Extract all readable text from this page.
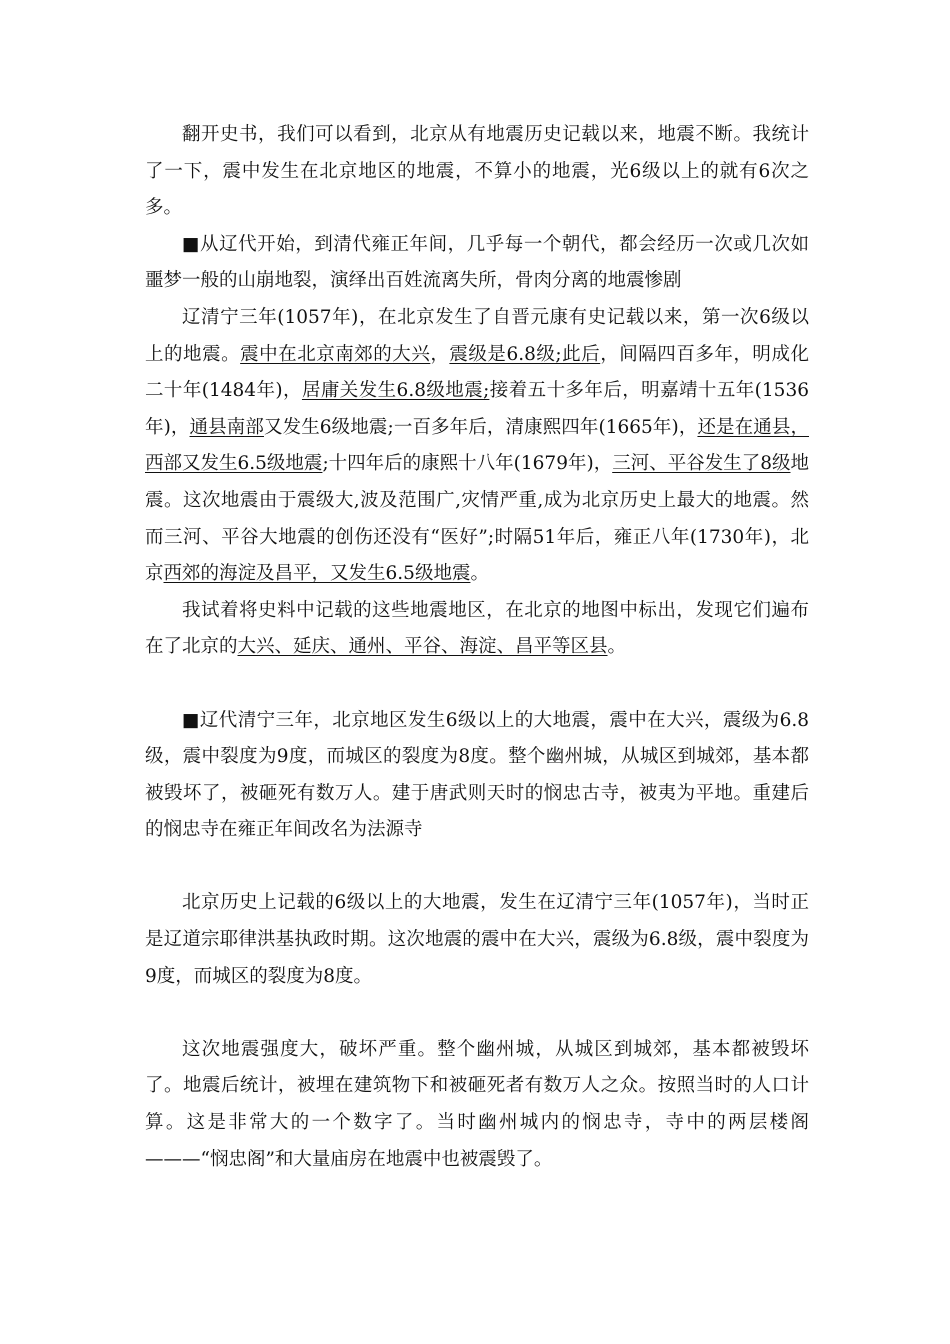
翻开史书，我们可以看到，北京从有地震历史记载以来，地震不断。我统计了一下，震中发生在北京地区的地震，不算小的地震，光6级以上的就有6次之多。

■从辽代开始，到清代雍正年间，几乎每一个朝代，都会经历一次或几次如噩梦一般的山崩地裂，演绎出百姓流离失所，骨肉分离的地震惨剧

辽清宁三年(1057年)，在北京发生了自晋元康有史记载以来，第一次6级以上的地震。震中在北京南郊的大兴，震级是6.8级;此后，间隔四百多年，明成化二十年(1484年)，居庸关发生6.8级地震;接着五十多年后，明嘉靖十五年(1536年)，通县南部又发生6级地震;一百多年后，清康熙四年(1665年)，还是在通县，西部又发生6.5级地震;十四年后的康熙十八年(1679年)，三河、平谷发生了8级地震。这次地震由于震级大,波及范围广,灾情严重,成为北京历史上最大的地震。然而三河、平谷大地震的创伤还没有“医好”;时隔51年后，雍正八年(1730年)，北京西郊的海淀及昌平，又发生6.5级地震。

我试着将史料中记载的这些地震地区，在北京的地图中标出，发现它们遍布在了北京的大兴、延庆、通州、平谷、海淀、昌平等区县。

■辽代清宁三年，北京地区发生6级以上的大地震，震中在大兴，震级为6.8级，震中裂度为9度，而城区的裂度为8度。整个幽州城，从城区到城郊，基本都被毁坏了，被砸死有数万人。建于唐武则天时的悯忠古寺，被夷为平地。重建后的悯忠寺在雍正年间改名为法源寺

北京历史上记载的6级以上的大地震，发生在辽清宁三年(1057年)，当时正是辽道宗耶律洪基执政时期。这次地震的震中在大兴，震级为6.8级，震中裂度为9度，而城区的裂度为8度。

这次地震强度大，破坏严重。整个幽州城，从城区到城郊，基本都被毁坏了。地震后统计，被埋在建筑物下和被砸死者有数万人之众。按照当时的人口计算。这是非常大的一个数字了。当时幽州城内的悯忠寺，寺中的两层楼阁———“悯忠阁”和大量庙房在地震中也被震毁了。
